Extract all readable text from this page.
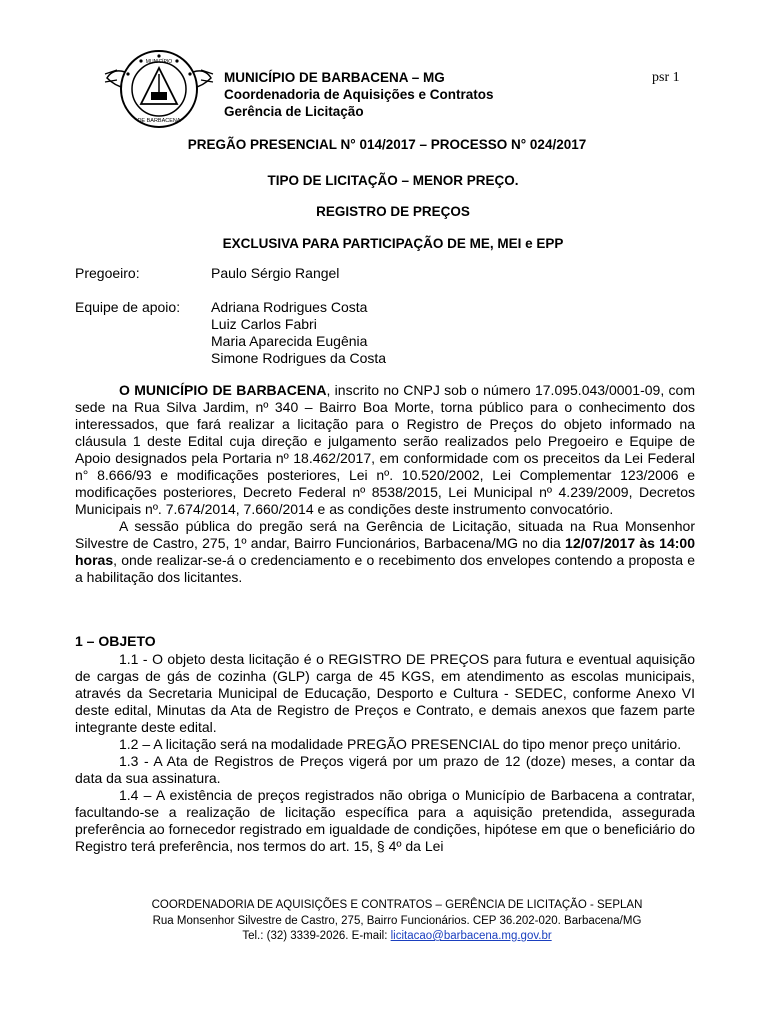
DE BARBACENA
MUNICÍPIO
MUNICÍPIO DE BARBACENA – MG
Coordenadoria de Aquisições e Contratos
Gerência de Licitação
psr 1
PREGÃO PRESENCIAL N° 014/2017 – PROCESSO N° 024/2017
TIPO DE LICITAÇÃO – MENOR PREÇO.
REGISTRO DE PREÇOS
EXCLUSIVA PARA PARTICIPAÇÃO DE ME, MEI e EPP
Pregoeiro:	Paulo Sérgio Rangel
Equipe de apoio: Adriana Rodrigues Costa
Luiz Carlos Fabri
Maria Aparecida Eugênia
Simone Rodrigues da Costa

O MUNICÍPIO DE BARBACENA, inscrito no CNPJ sob o número 17.095.043/0001-09, com sede na Rua Silva Jardim, nº 340 – Bairro Boa Morte, torna público para o conhecimento dos interessados, que fará realizar a licitação para o Registro de Preços do objeto informado na cláusula 1 deste Edital cuja direção e julgamento serão realizados pelo Pregoeiro e Equipe de Apoio designados pela Portaria nº 18.462/2017, em conformidade com os preceitos da Lei Federal n° 8.666/93 e modificações posteriores, Lei nº. 10.520/2002, Lei Complementar 123/2006 e modificações posteriores, Decreto Federal nº 8538/2015, Lei Municipal nº 4.239/2009, Decretos Municipais nº. 7.674/2014, 7.660/2014 e as condições deste instrumento convocatório.

A sessão pública do pregão será na Gerência de Licitação, situada na Rua Monsenhor Silvestre de Castro, 275, 1º andar, Bairro Funcionários, Barbacena/MG no dia 12/07/2017 às 14:00 horas, onde realizar-se-á o credenciamento e o recebimento dos envelopes contendo a proposta e a habilitação dos licitantes.

1 – OBJETO

1.1 - O objeto desta licitação é o REGISTRO DE PREÇOS para futura e eventual aquisição de cargas de gás de cozinha (GLP) carga de 45 KGS, em atendimento as escolas municipais, através da Secretaria Municipal de Educação, Desporto e Cultura - SEDEC, conforme Anexo VI deste edital, Minutas da Ata de Registro de Preços e Contrato, e demais anexos que fazem parte integrante deste edital.

1.2 – A licitação será na modalidade PREGÃO PRESENCIAL do tipo menor preço unitário.

1.3 - A Ata de Registros de Preços vigerá por um prazo de 12 (doze) meses, a contar da data da sua assinatura.

1.4 – A existência de preços registrados não obriga o Município de Barbacena a contratar, facultando-se a realização de licitação específica para a aquisição pretendida, assegurada preferência ao fornecedor registrado em igualdade de condições, hipótese em que o beneficiário do Registro terá preferência, nos termos do art. 15, § 4º da Lei

COORDENADORIA DE AQUISIÇÕES E CONTRATOS – GERÊNCIA DE LICITAÇÃO - SEPLAN
Rua Monsenhor Silvestre de Castro, 275, Bairro Funcionários. CEP 36.202-020. Barbacena/MG
Tel.: (32) 3339-2026. E-mail: licitacao@barbacena.mg.gov.br
